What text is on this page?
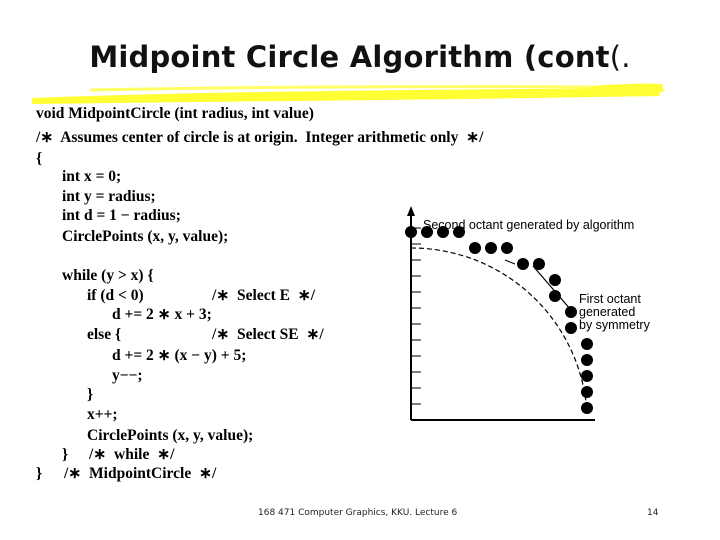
Midpoint Circle Algorithm (cont(.
void MidpointCircle (int radius, int value)
/∗  Assumes center of circle is at origin.  Integer arithmetic only  ∗/
{
int x = 0;
int y = radius;
int d = 1 − radius;
CirclePoints (x, y, value);
while (y > x) {
if (d < 0)	/∗  Select E  ∗/
d += 2 ∗ x + 3;
else {	/∗  Select SE  ∗/
d += 2 ∗ (x − y) + 5;
y−−;
}
x++;
CirclePoints (x, y, value);
} /∗  while  ∗/
} /∗  MidpointCircle  ∗/
Second octant generated by algorithm
First octant
generated
by symmetry
168 471 Computer Graphics, KKU. Lecture 6	14
